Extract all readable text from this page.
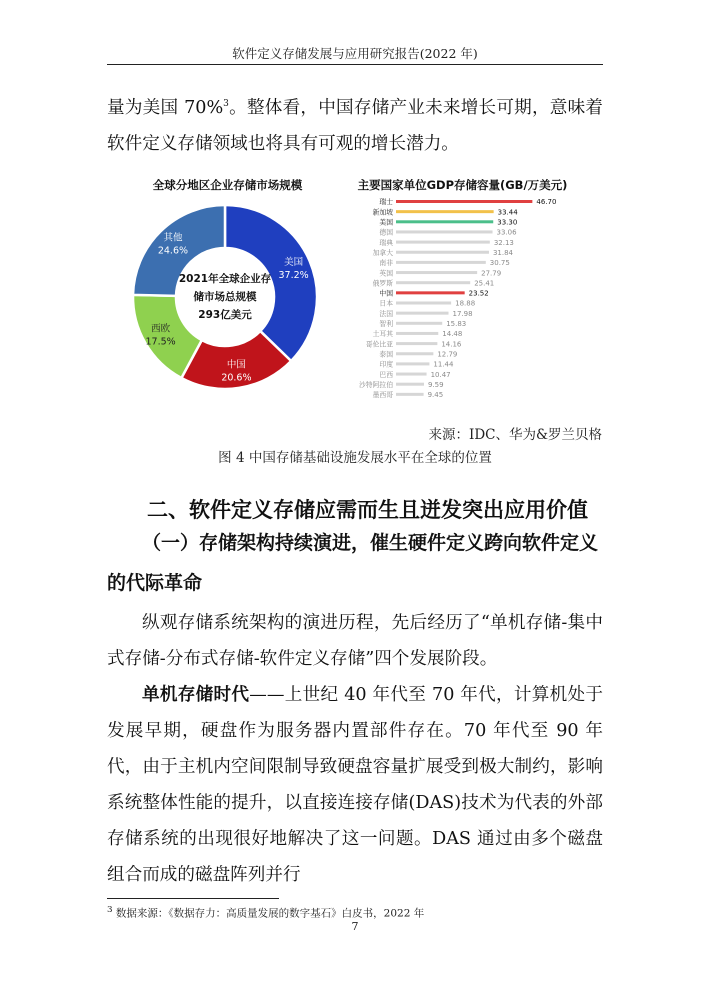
软件定义存储发展与应用研究报告(2022 年)

量为美国 70%$^3$。整体看，中国存储产业未来增长可期，意味着软件定义存储领域也将具有可观的增长潜力。

全球分地区企业存储市场规模
美国
37.2%
中国
20.6%
西欧
17.5%
其他
24.6%
2021年全球企业存
储市场总规模
293亿美元
主要国家单位GDP存储容量(GB/万美元)
瑞士	46.70
新加坡	33.44
美国	33.30
德国	33.06
瑞典	32.13
加拿大	31.84
南非	30.75
英国	27.79
俄罗斯	25.41
中国	23.52
日本	18.88
法国	17.98
智利	15.83
土耳其	14.48
哥伦比亚	14.16
泰国	12.79
印度	11.44
巴西	10.47
沙特阿拉伯	9.59
墨西哥	9.45
来源：IDC、华为&罗兰贝格
图 4 中国存储基础设施发展水平在全球的位置
二、软件定义存储应需而生且迸发突出应用价值

（一）存储架构持续演进，催生硬件定义跨向软件定义的代际革命

纵观存储系统架构的演进历程，先后经历了“单机存储-集中式存储-分布式存储-软件定义存储”四个发展阶段。

单机存储时代——上世纪 40 年代至 70 年代，计算机处于发展早期，硬盘作为服务器内置部件存在。70 年代至 90 年代，由于主机内空间限制导致硬盘容量扩展受到极大制约，影响系统整体性能的提升，以直接连接存储(DAS)技术为代表的外部存储系统的出现很好地解决了这一问题。DAS 通过由多个磁盘组合而成的磁盘阵列并行

$^3$ 数据来源：《数据存力：高质量发展的数字基石》白皮书，2022 年
7
